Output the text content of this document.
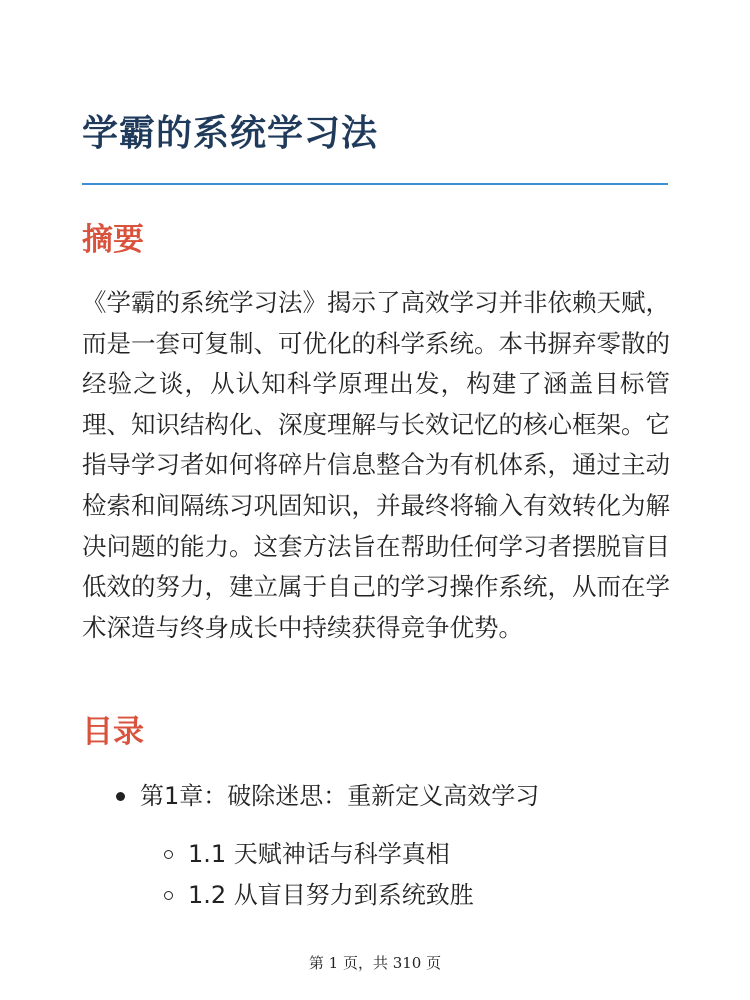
学霸的系统学习法
摘要

《学霸的系统学习法》揭示了高效学习并非依赖天赋，而是一套可复制、可优化的科学系统。本书摒弃零散的经验之谈，从认知科学原理出发，构建了涵盖目标管理、知识结构化、深度理解与长效记忆的核心框架。它指导学习者如何将碎片信息整合为有机体系，通过主动检索和间隔练习巩固知识，并最终将输入有效转化为解决问题的能力。这套方法旨在帮助任何学习者摆脱盲目低效的努力，建立属于自己的学习操作系统，从而在学术深造与终身成长中持续获得竞争优势。

目录
第1章：破除迷思：重新定义高效学习
1.1 天赋神话与科学真相
1.2 从盲目努力到系统致胜
第 1 页，共 310 页
